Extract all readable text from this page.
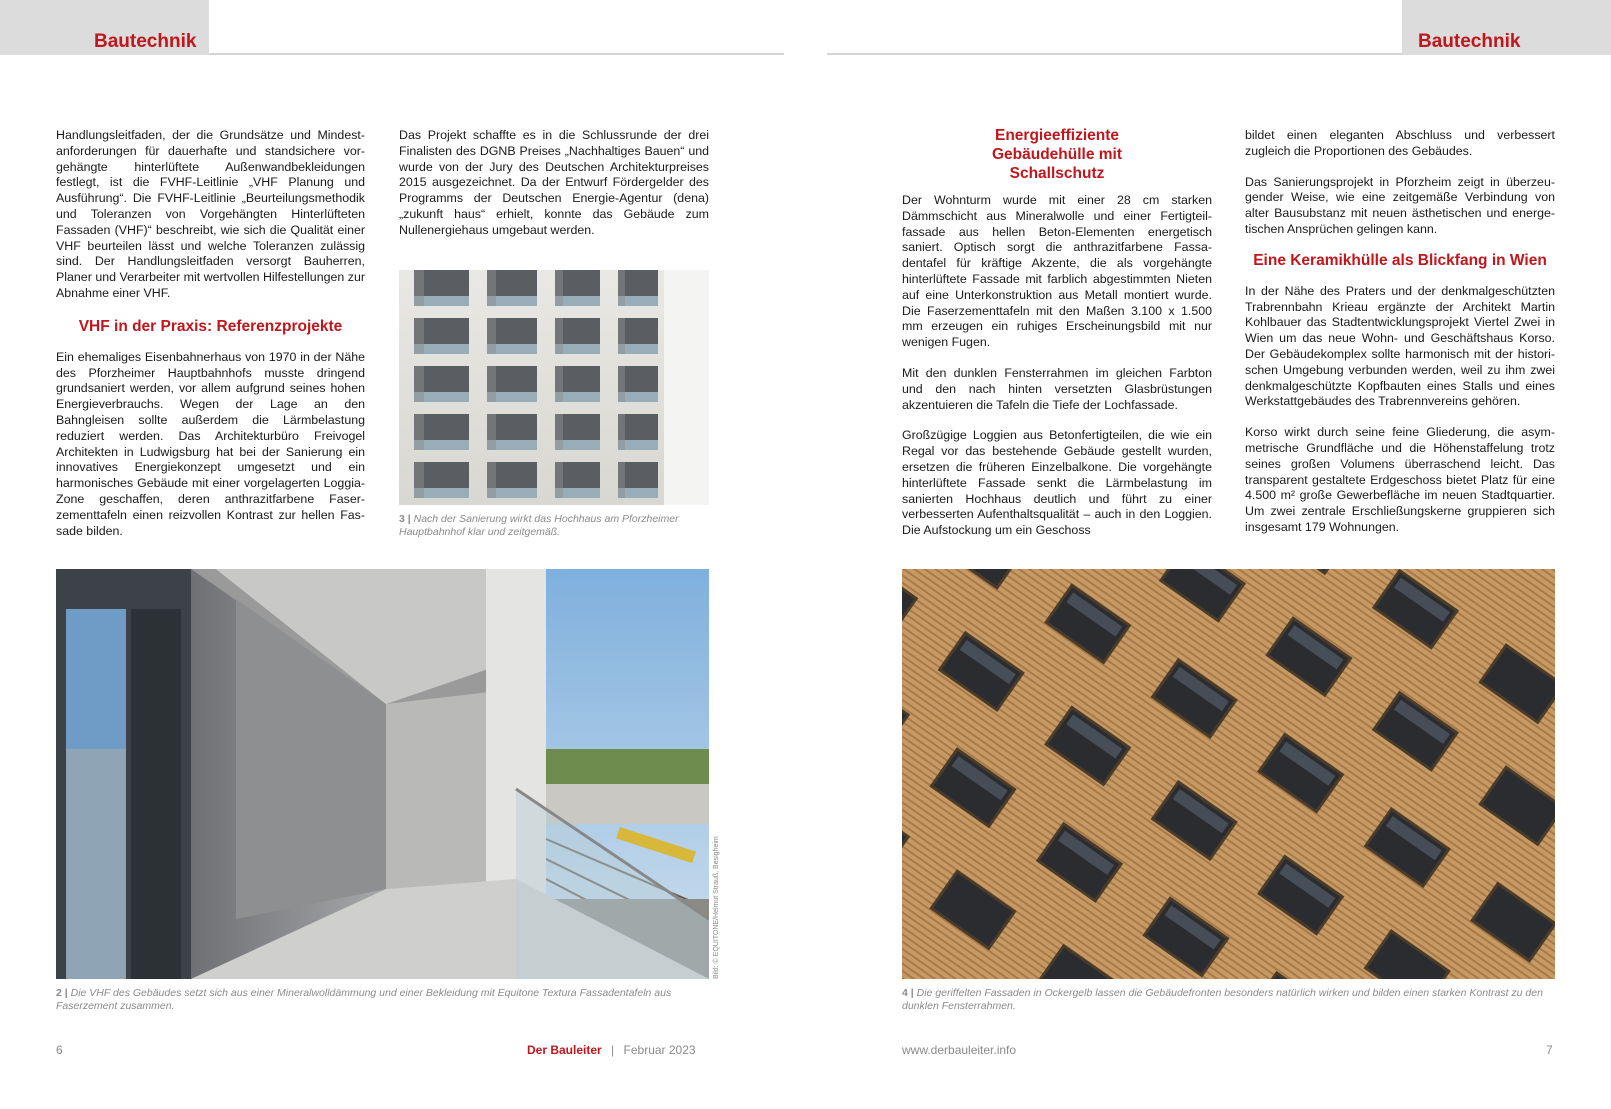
Bautechnik	Bautechnik

Handlungsleitfaden, der die Grundsätze und Mindestanforderungen für dauerhafte und standsichere vorgehängte hinterlüftete Außenwandbekleidungen festlegt, ist die FVHF-Leitlinie „VHF Planung und Ausführung“. Die FVHF-Leitlinie „Beurteilungsmethodik und Toleranzen von Vorgehängten Hinterlüfteten Fassaden (VHF)“ beschreibt, wie sich die Qualität einer VHF beurteilen lässt und welche Toleranzen zulässig sind. Der Handlungsleitfaden versorgt Bauherren, Planer und Verarbeiter mit wertvollen Hilfestellungen zur Abnahme einer VHF.

VHF in der Praxis: Referenzprojekte

Ein ehemaliges Eisenbahnerhaus von 1970 in der Nähe des Pforzheimer Hauptbahnhofs musste dringend grundsaniert werden, vor allem aufgrund seines hohen Energieverbrauchs. Wegen der Lage an den Bahngleisen sollte außerdem die Lärmbelastung reduziert werden. Das Architekturbüro Freivogel Architekten in Ludwigsburg hat bei der Sanierung ein innovatives Energiekonzept umgesetzt und ein harmonisches Gebäude mit einer vorgelagerten Loggia-Zone geschaffen, deren anthrazitfarbene Faserzementtafeln einen reizvollen Kontrast zur hellen Fassade bilden.

Das Projekt schaffte es in die Schlussrunde der drei Finalisten des DGNB Preises „Nachhaltiges Bauen“ und wurde von der Jury des Deutschen Architekturpreises 2015 ausgezeichnet. Da der Entwurf Fördergelder des Programms der Deutschen Energie-Agentur (dena) „zukunft haus“ erhielt, konnte das Gebäude zum Nullenergiehaus umgebaut werden.

3 | Nach der Sanierung wirkt das Hochhaus am Pforzheimer Hauptbahnhof klar und zeitgemäß.
Bild: © EQUITONE/Helmut Strauß, Besigheim
2 | Die VHF des Gebäudes setzt sich aus einer Mineralwolldämmung und einer Bekleidung mit Equitone Textura Fassadentafeln aus Faserzement zusammen.
6	Der Bauleiter | Februar 2023
Energieeffiziente Gebäudehülle mit Schallschutz

Der Wohnturm wurde mit einer 28 cm starken Dämmschicht aus Mineralwolle und einer Fertigteilfassade aus hellen Beton-Elementen energetisch saniert. Optisch sorgt die anthrazitfarbene Fassadentafel für kräftige Akzente, die als vorgehängte hinterlüftete Fassade mit farblich abgestimmten Nieten auf eine Unterkonstruktion aus Metall montiert wurde. Die Faserzementtafeln mit den Maßen 3.100 x 1.500 mm erzeugen ein ruhiges Erscheinungsbild mit nur wenigen Fugen.

Mit den dunklen Fensterrahmen im gleichen Farbton und den nach hinten versetzten Glasbrüstungen akzentuieren die Tafeln die Tiefe der Lochfassade.

Großzügige Loggien aus Betonfertigteilen, die wie ein Regal vor das bestehende Gebäude gestellt wurden, ersetzen die früheren Einzelbalkone. Die vorgehängte hinterlüftete Fassade senkt die Lärmbelastung im sanierten Hochhaus deutlich und führt zu einer verbesserten Aufenthaltsqualität – auch in den Loggien. Die Aufstockung um ein Geschoss

bildet einen eleganten Abschluss und verbessert zugleich die Proportionen des Gebäudes.

Das Sanierungsprojekt in Pforzheim zeigt in überzeugender Weise, wie eine zeitgemäße Verbindung von alter Bausubstanz mit neuen ästhetischen und energetischen Ansprüchen gelingen kann.

Eine Keramikhülle als Blickfang in Wien

In der Nähe des Praters und der denkmalgeschützten Trabrennbahn Krieau ergänzte der Architekt Martin Kohlbauer das Stadtentwicklungsprojekt Viertel Zwei in Wien um das neue Wohn- und Geschäftshaus Korso. Der Gebäudekomplex sollte harmonisch mit der historischen Umgebung verbunden werden, weil zu ihm zwei denkmalgeschützte Kopfbauten eines Stalls und eines Werkstattgebäudes des Trabrennvereins gehören.

Korso wirkt durch seine feine Gliederung, die asymmetrische Grundfläche und die Höhenstaffelung trotz seines großen Volumens überraschend leicht. Das transparent gestaltete Erdgeschoss bietet Platz für eine 4.500 m² große Gewerbefläche im neuen Stadtquartier. Um zwei zentrale Erschließungskerne gruppieren sich insgesamt 179 Wohnungen.

4 | Die geriffelten Fassaden in Ockergelb lassen die Gebäudefronten besonders natürlich wirken und bilden einen starken Kontrast zu den dunklen Fensterrahmen.
www.derbauleiter.info	7
